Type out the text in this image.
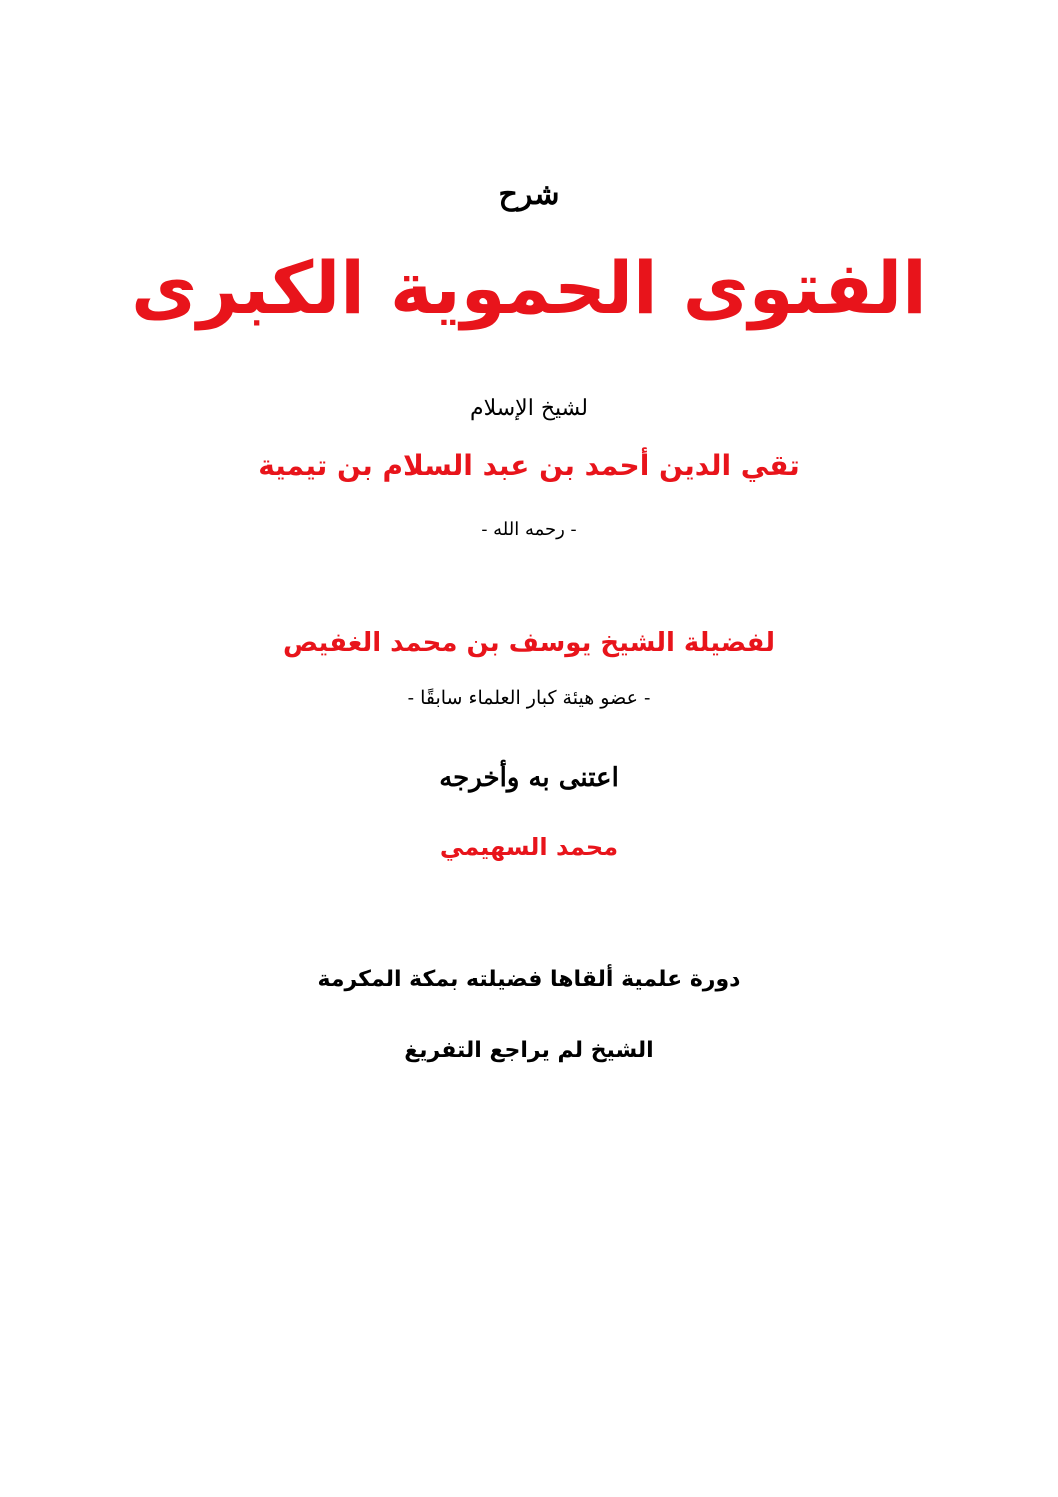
شرح
الفتوى الحموية الكبرى
لشيخ الإسلام
تقي الدين أحمد بن عبد السلام بن تيمية
- رحمه الله -
لفضيلة الشيخ يوسف بن محمد الغفيص
- عضو هيئة كبار العلماء سابقًا -
اعتنى به وأخرجه
محمد السهيمي
دورة علمية ألقاها فضيلته بمكة المكرمة
الشيخ لم يراجع التفريغ
